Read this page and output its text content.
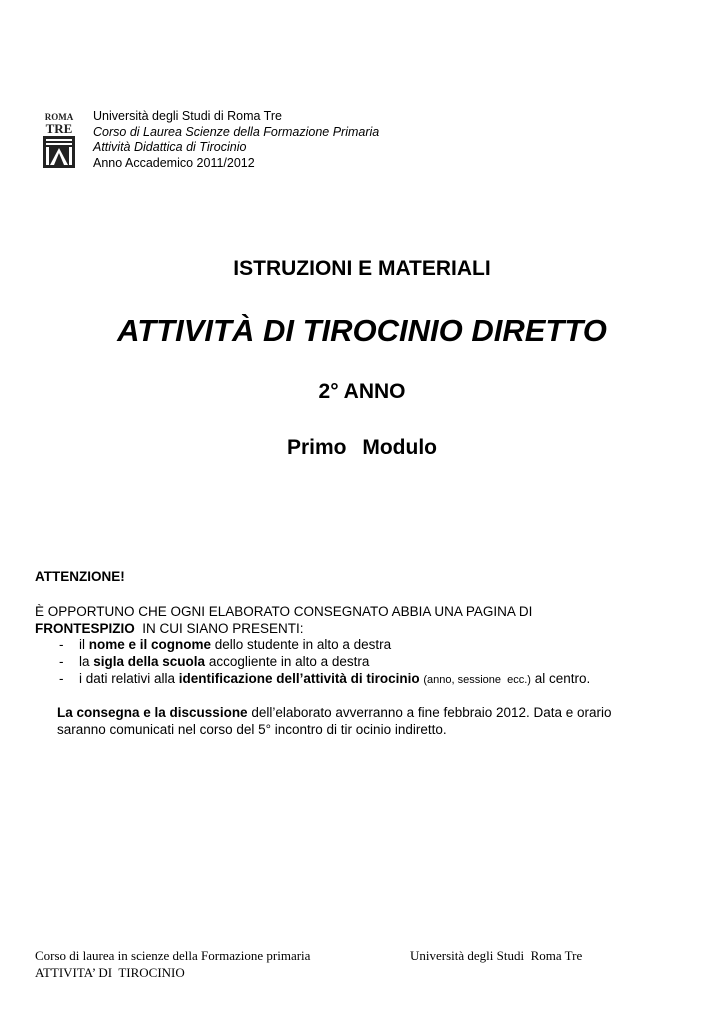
ROMA
TRE
Università degli Studi di Roma Tre
Corso di Laurea Scienze della Formazione Primaria
Attività Didattica di Tirocinio
Anno Accademico 2011/2012
ISTRUZIONI E MATERIALI
ATTIVITÀ DI TIROCINIO DIRETTO
2° ANNO
Primo Modulo
ATTENZIONE!
È OPPORTUNO CHE OGNI ELABORATO CONSEGNATO ABBIA UNA PAGINA DI
FRONTESPIZIO  IN CUI SIANO PRESENTI:
- il nome e il cognome dello studente in alto a destra
- la sigla della scuola accogliente in alto a destra
- i dati relativi alla identificazione dell’attività di tirocinio (anno, sessione  ecc.) al centro.
La consegna e la discussione dell’elaborato avverranno a fine febbraio 2012. Data e orario
saranno comunicati nel corso del 5° incontro di tir ocinio indiretto.
Corso di laurea in scienze della Formazione primaria
ATTIVITA’ DI  TIROCINIO
Università degli Studi  Roma Tre
